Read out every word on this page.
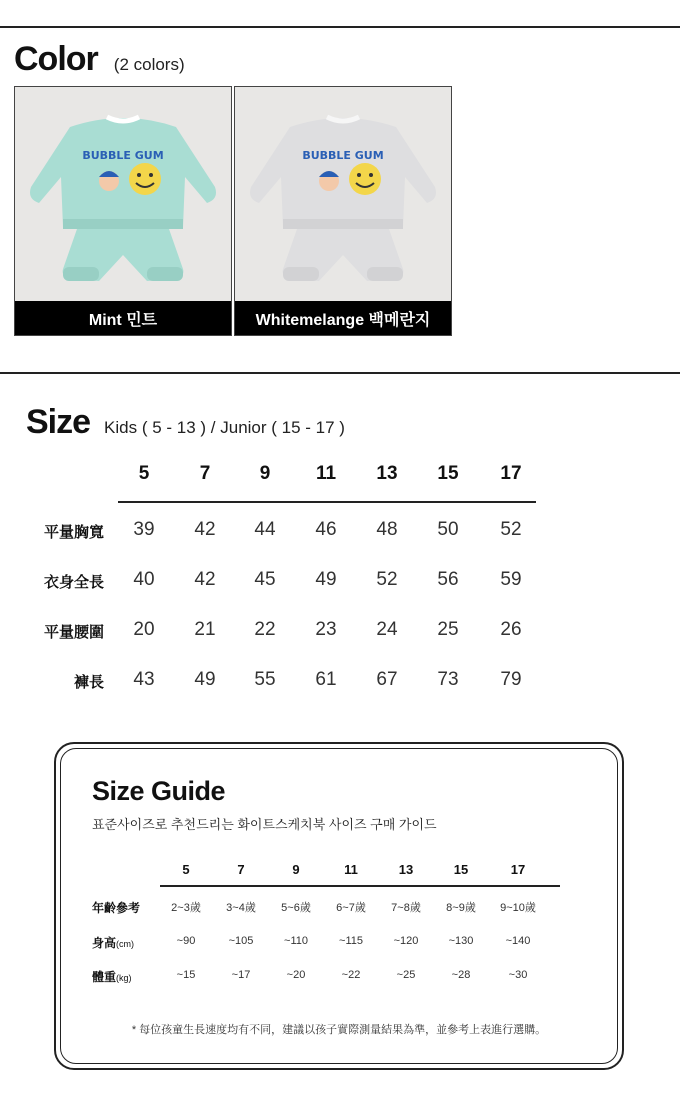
Color (2 colors)
BUBBLE GUM
Mint 민트
BUBBLE GUM
Whitemelange 백메란지
Size Kids ( 5 - 13 ) / Junior ( 15 - 17 )
5	7	9	11	13	15	17
平量胸寬	39	42	44	46	48	50	52
衣身全長	40	42	45	49	52	56	59
平量腰圍	20	21	22	23	24	25	26
褲長	43	49	55	61	67	73	79
Size Guide
표준사이즈로 추천드리는 화이트스케치북 사이즈 구매 가이드
5	7	9	11	13	15	17
年齡參考	2~3歲	3~4歲	5~6歲	6~7歲	7~8歲	8~9歲	9~10歲
身高(cm)	~90	~105	~110	~115	~120	~130	~140
體重(kg)	~15	~17	~20	~22	~25	~28	~30
* 每位孩童生長速度均有不同，建議以孩子實際測量結果為準，並參考上表進行選購。
